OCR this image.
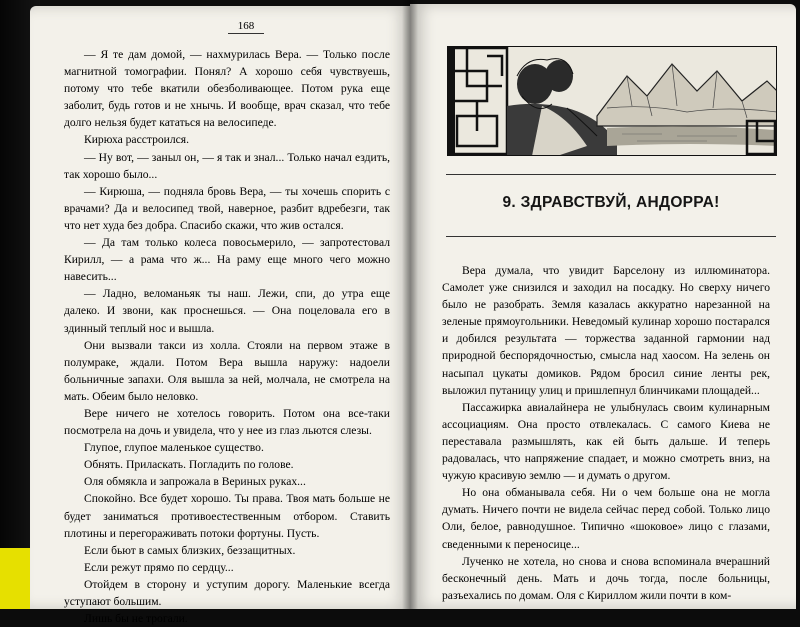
168

— Я те дам домой, — нахмурилась Вера. — Только после магнитной томографии. Понял? А хорошо себя чувствуешь, потому что тебе вкатили обезболивающее. Потом рука еще заболит, будь готов и не хнычь. И вообще, врач сказал, что тебе долго нельзя будет кататься на велосипеде.

Кирюха расстроился.

— Ну вот, — заныл он, — я так и знал... Только начал ездить, так хорошо было...

— Кирюша, — подняла бровь Вера, — ты хочешь спорить с врачами? Да и велосипед твой, наверное, разбит вдребезги, так что нет худа без добра. Спасибо скажи, что жив остался.

— Да там только колеса повосьмерило, — запротестовал Кирилл, — а рама что ж... На раму еще много чего можно навесить...

— Ладно, веломаньяк ты наш. Лежи, спи, до утра еще далеко. И звони, как проснешься. — Она поцеловала его в здинный теплый нос и вышла.

Они вызвали такси из холла. Стояли на первом этаже в полумраке, ждали. Потом Вера вышла наружу: надоели больничные запахи. Оля вышла за ней, молчала, не смотрела на мать. Обеим было неловко.

Вере ничего не хотелось говорить. Потом она все-таки посмотрела на дочь и увидела, что у нее из глаз льются слезы.

Глупое, глупое маленькое существо.

Обнять. Приласкать. Погладить по голове.

Оля обмякла и запрожала в Вериных руках...

Спокойно. Все будет хорошо. Ты права. Твоя мать больше не будет заниматься противоестественным отбором. Ставить плотины и перегораживать потоки фортуны. Пусть.

Если бьют в самых близких, беззащитных.

Если режут прямо по сердцу...

Отойдем в сторону и уступим дорогу. Маленькие всегда уступают большим.

Лишь бы не трогали.

9. ЗДРАВСТВУЙ, АНДОРРА!

Вера думала, что увидит Барселону из иллюминатора. Самолет уже снизился и заходил на посадку. Но сверху ничего было не разобрать. Земля казалась аккуратно нарезанной на зеленые прямоугольники. Неведомый кулинар хорошо постарался и добился результата — торжества заданной гармонии над природной беспорядочностью, смысла над хаосом. На зелень он насыпал цукаты домиков. Рядом бросил синие ленты рек, выложил путаницу улиц и пришлепнул блинчиками площадей...

Пассажирка авиалайнера не улыбнулась своим кулинарным ассоциациям. Она просто отвлекалась. С самого Киева не переставала размышлять, как ей быть дальше. И теперь радовалась, что напряжение спадает, и можно смотреть вниз, на чужую красивую землю — и думать о другом.

Но она обманывала себя. Ни о чем больше она не могла думать. Ничего почти не видела сейчас перед собой. Только лицо Оли, белое, равнодушное. Типично «шоковое» лицо с глазами, сведенными к переносице...

Лученко не хотела, но снова и снова вспоминала вчерашний бесконечный день. Мать и дочь тогда, после больницы, разъехались по домам. Оля с Кириллом жили почти в ком-
